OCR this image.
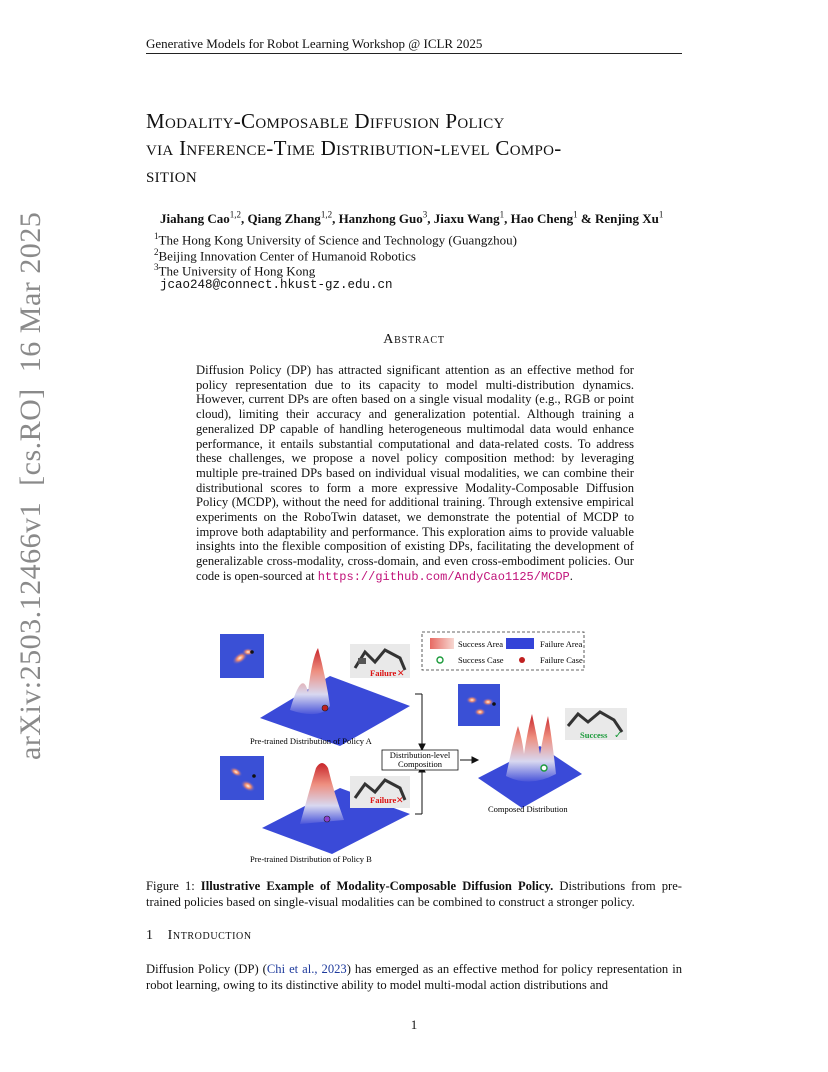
Generative Models for Robot Learning Workshop @ ICLR 2025
Modality-Composable Diffusion Policy
via Inference-Time Distribution-level Compo-
sition
Jiahang Cao$^{1,2}$, Qiang Zhang$^{1,2}$, Hanzhong Guo$^3$, Jiaxu Wang$^1$, Hao Cheng$^1$ & Renjing Xu$^1$
$^1$The Hong Kong University of Science and Technology (Guangzhou)
$^2$Beijing Innovation Center of Humanoid Robotics
$^3$The University of Hong Kong
jcao248@connect.hkust-gz.edu.cn
arXiv:2503.12466v1  [cs.RO]  16 Mar 2025	Abstract
Diffusion Policy (DP) has attracted significant attention as an effective method for policy representation due to its capacity to model multi-distribution dynamics. However, current DPs are often based on a single visual modality (e.g., RGB or point cloud), limiting their accuracy and generalization potential. Although training a generalized DP capable of handling heterogeneous multimodal data would enhance performance, it entails substantial computational and data-related costs. To address these challenges, we propose a novel policy composition method: by leveraging multiple pre-trained DPs based on individual visual modalities, we can combine their distributional scores to form a more expressive Modality-Composable Diffusion Policy (MCDP), without the need for additional training. Through extensive empirical experiments on the RoboTwin dataset, we demonstrate the potential of MCDP to improve both adaptability and performance. This exploration aims to provide valuable insights into the flexible composition of existing DPs, facilitating the development of generalizable cross-modality, cross-domain, and even cross-embodiment policies. Our code is open-sourced at https://github.com/AndyCao1125/MCDP.
Failure ✕
Pre-trained Distribution of Policy A
Failure ✕
Pre-trained Distribution of Policy B
Distribution-level
Composition
Success Area	Failure Area
Success Case	Failure Case
Success ✓
Composed Distribution
Figure 1: Illustrative Example of Modality-Composable Diffusion Policy. Distributions from pre-trained policies based on single-visual modalities can be combined to construct a stronger policy.
1 Introduction
Diffusion Policy (DP) (Chi et al., 2023) has emerged as an effective method for policy representation in robot learning, owing to its distinctive ability to model multi-modal action distributions and
1
